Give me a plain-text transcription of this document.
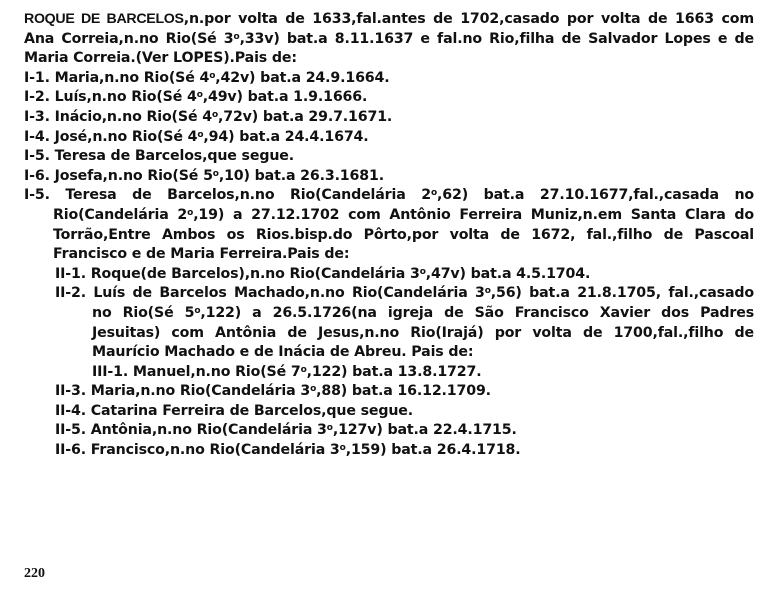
ROQUE DE BARCELOS,n.por volta de 1633,fal.antes de 1702,casado por volta de 1663 com Ana Correia,n.no Rio(Sé 3$^o$,33v) bat.a 8.11.1637 e fal.no Rio,filha de Salvador Lopes e de Maria Correia.(Ver LOPES).Pais de:

I-1. Maria,n.no Rio(Sé 4$^o$,42v) bat.a 24.9.1664.

I-2. Luís,n.no Rio(Sé 4$^o$,49v) bat.a 1.9.1666.

I-3. Inácio,n.no Rio(Sé 4$^o$,72v) bat.a 29.7.1671.

I-4. José,n.no Rio(Sé 4$^o$,94) bat.a 24.4.1674.

I-5. Teresa de Barcelos,que segue.

I-6. Josefa,n.no Rio(Sé 5$^o$,10) bat.a 26.3.1681.

I-5. Teresa de Barcelos,n.no Rio(Candelária 2$^o$,62) bat.a 27.10.1677,fal.,casada no Rio(Candelária 2$^o$,19) a 27.12.1702 com Antônio Ferreira Muniz,n.em Santa Clara do Torrão,Entre Ambos os Rios.bisp.do Pôrto,por volta de 1672, fal.,filho de Pascoal Francisco e de Maria Ferreira.Pais de:

II-1. Roque(de Barcelos),n.no Rio(Candelária 3$^o$,47v) bat.a 4.5.1704.

II-2. Luís de Barcelos Machado,n.no Rio(Candelária 3$^o$,56) bat.a 21.8.1705, fal.,casado no Rio(Sé 5$^o$,122) a 26.5.1726(na igreja de São Francisco Xavier dos Padres Jesuitas) com Antônia de Jesus,n.no Rio(Irajá) por volta de 1700,fal.,filho de Maurício Machado e de Inácia de Abreu. Pais de:

III-1. Manuel,n.no Rio(Sé 7$^o$,122) bat.a 13.8.1727.

II-3. Maria,n.no Rio(Candelária 3$^o$,88) bat.a 16.12.1709.

II-4. Catarina Ferreira de Barcelos,que segue.

II-5. Antônia,n.no Rio(Candelária 3$^o$,127v) bat.a 22.4.1715.

II-6. Francisco,n.no Rio(Candelária 3$^o$,159) bat.a 26.4.1718.

220
